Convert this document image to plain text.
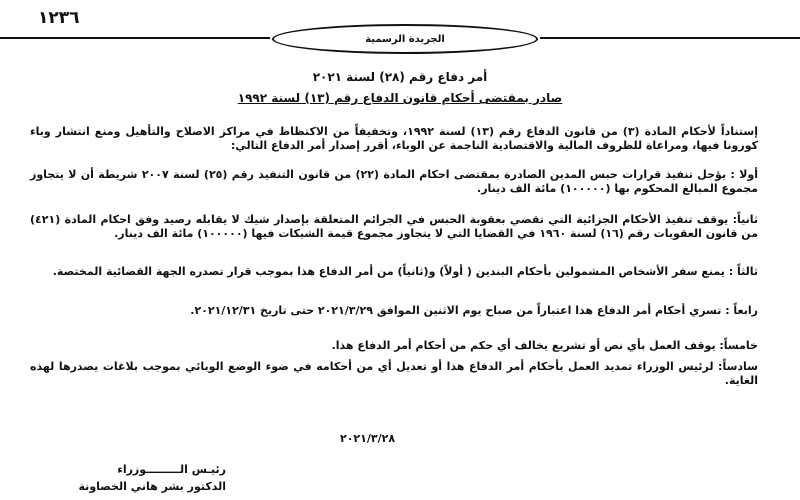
١٢٣٦
الجريدة الرسمية
أمر دفاع رقم (٢٨) لسنة ٢٠٢١
صادر بمقتضى أحكام قانون الدفاع رقم (١٣) لسنة ١٩٩٢

إستناداً لأحكام المادة (٣) من قانون الدفاع رقم (١٣) لسنة ١٩٩٢، وتخفيفاً من الاكتظاظ في مراكز الاصلاح والتأهيل ومنع انتشار وباء كورونا فيها، ومراعاة للظروف المالية والاقتصادية الناجمة عن الوباء، أقرر إصدار أمر الدفاع التالي:

أولا : يؤجل تنفيذ قرارات حبس المدين الصادرة بمقتضى احكام المادة (٢٢) من قانون التنفيذ رقم (٢٥) لسنة ٢٠٠٧ شريطة أن لا يتجاوز مجموع المبالغ المحكوم بها (١٠٠٠٠٠) مائة الف دينار.

ثانياً: يوقف تنفيذ الأحكام الجزائية التي تقضي بعقوبة الحبس في الجرائم المتعلقة بإصدار شيك لا يقابله رصيد وفق احكام المادة (٤٢١) من قانون العقوبات رقم (١٦) لسنة ١٩٦٠ في القضايا التي لا يتجاوز مجموع قيمة الشيكات فيها (١٠٠٠٠٠) مائة الف دينار.

ثالثاً : يمنع سفر الأشخاص المشمولين بأحكام البندين ( أولاً) و(ثانياً) من أمر الدفاع هذا بموجب قرار تصدره الجهة القضائية المختصة.

رابعاً : تسري أحكام أمر الدفاع هذا اعتباراً من صباح يوم الاثنين الموافق ٢٠٢١/٣/٢٩ حتى تاريخ ٢٠٢١/١٢/٣١.

خامساً: يوقف العمل بأي نص أو تشريع يخالف أي حكم من أحكام أمر الدفاع هذا.

سادساً: لرئيس الوزراء تمديد العمل بأحكام أمر الدفاع هذا أو تعديل أي من أحكامه في ضوء الوضع الوبائي بموجب بلاغات يصدرها لهذه الغاية.

٢٠٢١/٣/٢٨
رئيـس الـــــــــوزراء
الدكتور بشر هاني الخصاونة
